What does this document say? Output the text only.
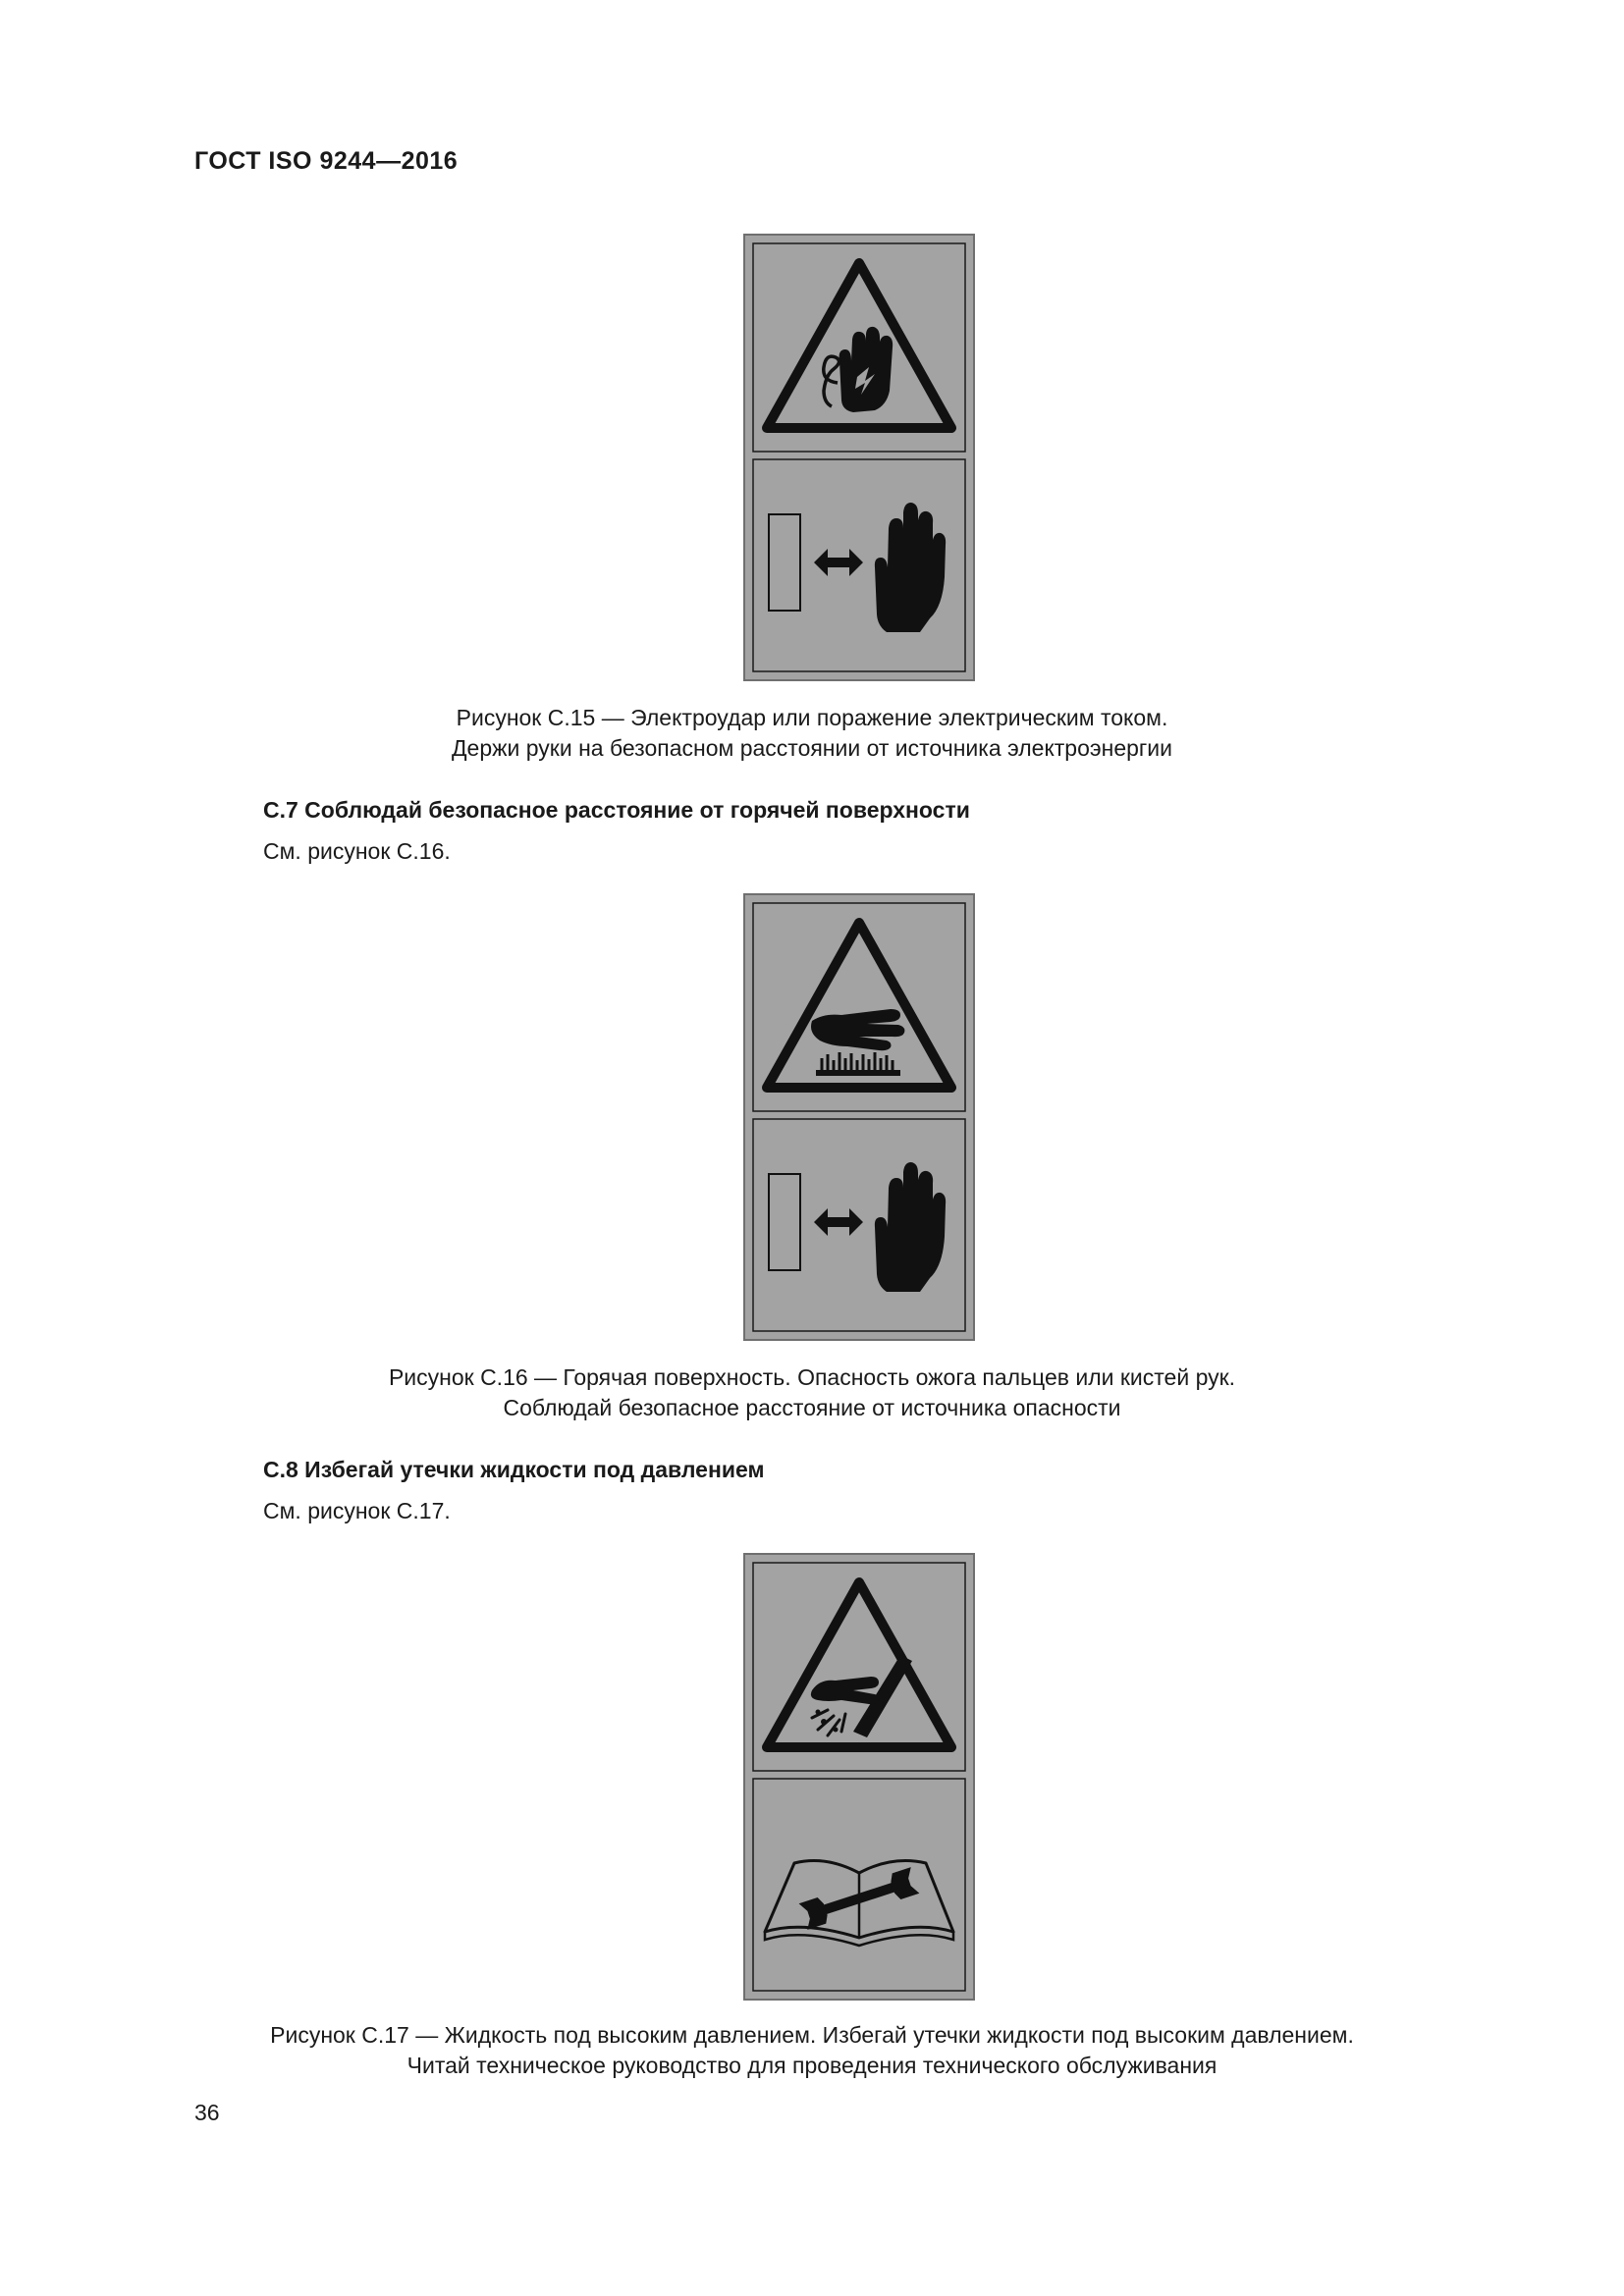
ГОСТ ISO 9244—2016
Рисунок С.15 — Электроудар или поражение электрическим током.
Держи руки на безопасном расстоянии от источника электроэнергии
С.7 Соблюдай безопасное расстояние от горячей поверхности
См. рисунок С.16.
Рисунок С.16 — Горячая поверхность. Опасность ожога пальцев или кистей рук.
Соблюдай безопасное расстояние от источника опасности
С.8 Избегай утечки жидкости под давлением
См. рисунок С.17.
Рисунок С.17 — Жидкость под высоким давлением. Избегай утечки жидкости под высоким давлением.
Читай техническое руководство для проведения технического обслуживания
36
